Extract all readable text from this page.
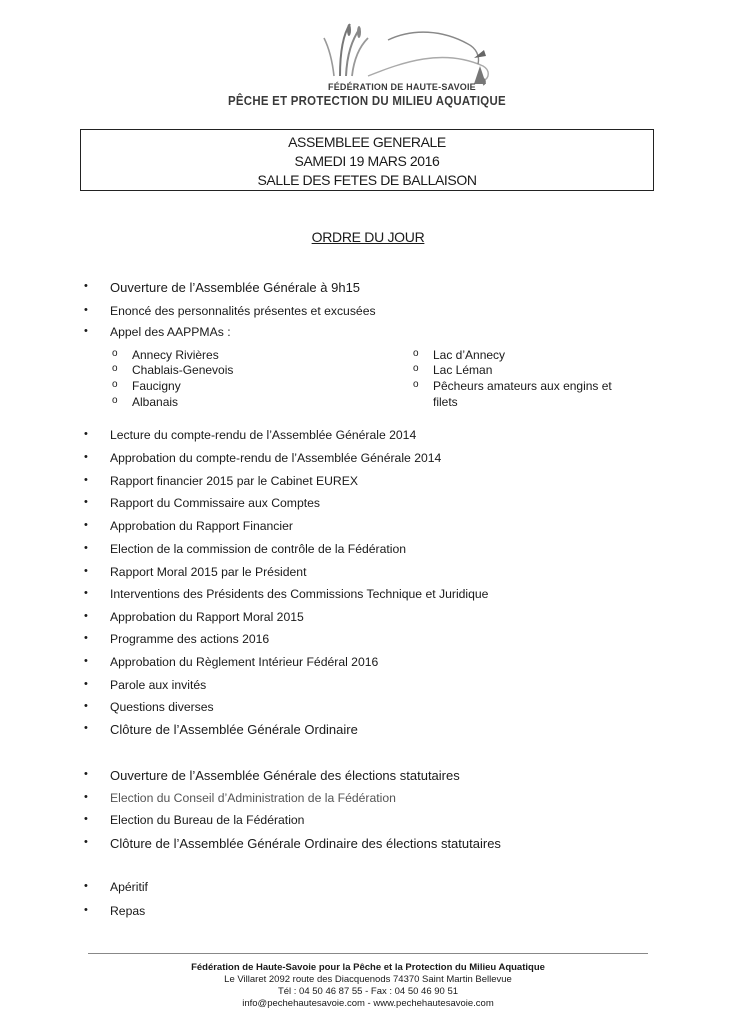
FÉDÉRATION DE HAUTE-SAVOIE
PÊCHE ET PROTECTION DU MILIEU AQUATIQUE
ASSEMBLEE GENERALE
SAMEDI 19 MARS 2016
SALLE DES FETES DE BALLAISON
ORDRE DU JOUR
• Ouverture de l’Assemblée Générale à 9h15
• Enoncé des personnalités présentes et excusées
• Appel des AAPPMAs :
o Annecy Rivières
o Chablais-Genevois
o Faucigny
o Albanais
o Lac d’Annecy
o Lac Léman
o Pêcheurs amateurs aux engins et
filets
• Lecture du compte-rendu de l’Assemblée Générale 2014
• Approbation du compte-rendu de l’Assemblée Générale 2014
• Rapport financier 2015 par le Cabinet EUREX
• Rapport du Commissaire aux Comptes
• Approbation du Rapport Financier
• Election de la commission de contrôle de la Fédération
• Rapport Moral 2015 par le Président
• Interventions des Présidents des Commissions Technique et Juridique
• Approbation du Rapport Moral 2015
• Programme des actions 2016
• Approbation du Règlement Intérieur Fédéral 2016
• Parole aux invités
• Questions diverses
• Clôture de l’Assemblée Générale Ordinaire
• Ouverture de l’Assemblée Générale des élections statutaires
• Election du Conseil d’Administration de la Fédération
• Election du Bureau de la Fédération
• Clôture de l’Assemblée Générale Ordinaire des élections statutaires
• Apéritif
• Repas
Fédération de Haute-Savoie pour la Pêche et la Protection du Milieu Aquatique
Le Villaret 2092 route des Diacquenods 74370 Saint Martin Bellevue
Tél : 04 50 46 87 55 - Fax : 04 50 46 90 51
info@pechehautesavoie.com - www.pechehautesavoie.com
